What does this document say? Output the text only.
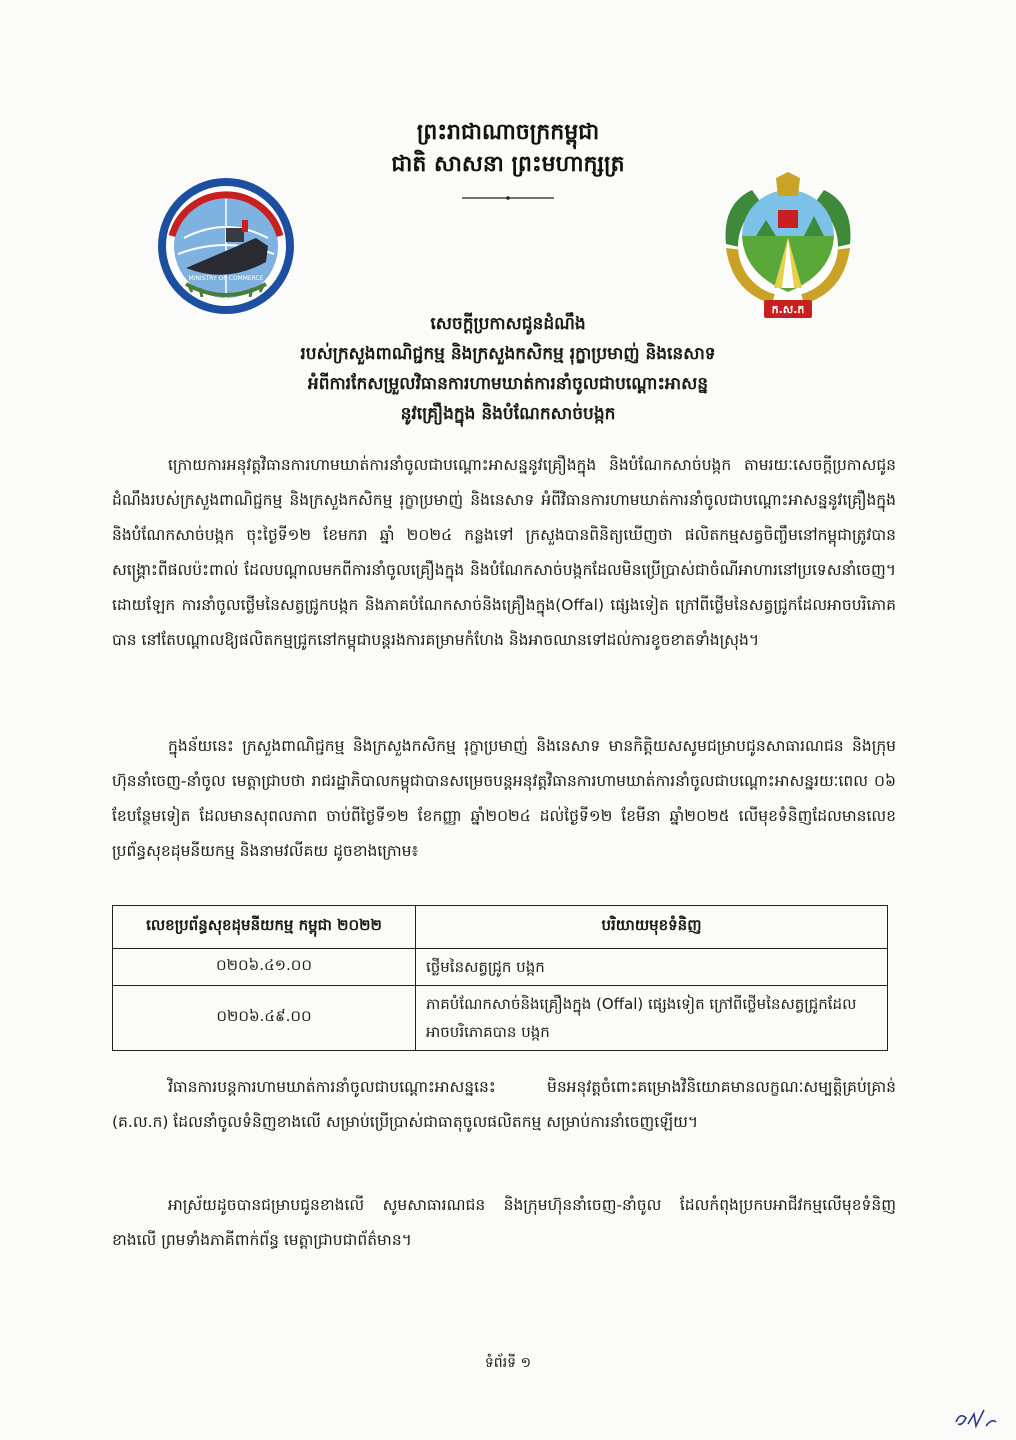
ព្រះរាជាណាចក្រកម្ពុជា
ជាតិ សាសនា ព្រះមហាក្សត្រ
MINISTRY OF COMMERCE
ក.ស.ក
សេចក្តីប្រកាសជូនដំណឹង
របស់ក្រសួងពាណិជ្ជកម្ម និងក្រសួងកសិកម្ម រុក្ខាប្រមាញ់ និងនេសាទ
អំពីការកែសម្រួលវិធានការហាមឃាត់ការនាំចូលជាបណ្តោះអាសន្ន
នូវគ្រឿងក្នុង និងបំណែកសាច់បង្កក
ក្រោយការអនុវត្តវិធានការហាមឃាត់ការនាំចូលជាបណ្តោះអាសន្ននូវគ្រឿងក្នុង និងបំណែកសាច់បង្កក តាមរយៈសេចក្តីប្រកាសជូនដំណឹងរបស់ក្រសួងពាណិជ្ជកម្ម និងក្រសួងកសិកម្ម រុក្ខាប្រមាញ់ និងនេសាទ អំពីវិធានការហាមឃាត់ការនាំចូលជាបណ្តោះអាសន្ននូវគ្រឿងក្នុង និងបំណែកសាច់បង្កក ចុះថ្ងៃទី១២ ខែមករា ឆ្នាំ ២០២៤ កន្លងទៅ ក្រសួងបានពិនិត្យឃើញថា ផលិតកម្មសត្វចិញ្ចឹមនៅកម្ពុជាត្រូវបានសង្គ្រោះពីផលប៉ះពាល់ ដែលបណ្តាលមកពីការនាំចូលគ្រឿងក្នុង និងបំណែកសាច់បង្កកដែលមិនប្រើប្រាស់ជាចំណីអាហារនៅប្រទេសនាំចេញ។ ដោយឡែក ការនាំចូលថ្លើមនៃសត្វជ្រូកបង្កក និងភាគបំណែកសាច់និងគ្រឿងក្នុង(Offal) ផ្សេងទៀត ក្រៅពីថ្លើមនៃសត្វជ្រូកដែលអាចបរិភោគបាន នៅតែបណ្តាលឱ្យផលិតកម្មជ្រូកនៅកម្ពុជាបន្តរងការគម្រាមកំហែង និងអាចឈានទៅដល់ការខូចខាតទាំងស្រុង។
ក្នុងន័យនេះ ក្រសួងពាណិជ្ជកម្ម និងក្រសួងកសិកម្ម រុក្ខាប្រមាញ់ និងនេសាទ មានកិត្តិយសសូមជម្រាបជូនសាធារណជន និងក្រុមហ៊ុននាំចេញ-នាំចូល មេត្តាជ្រាបថា រាជរដ្ឋាភិបាលកម្ពុជាបានសម្រេចបន្តអនុវត្តវិធានការហាមឃាត់ការនាំចូលជាបណ្តោះអាសន្នរយៈពេល ០៦ ខែបន្ថែមទៀត ដែលមានសុពលភាព ចាប់ពីថ្ងៃទី១២ ខែកញ្ញា ឆ្នាំ២០២៤ ដល់ថ្ងៃទី១២ ខែមីនា ឆ្នាំ២០២៥ លើមុខទំនិញដែលមានលេខប្រព័ន្ធសុខដុមនីយកម្ម និងនាមវលីគយ ដូចខាងក្រោម៖
លេខប្រព័ន្ធសុខដុមនីយកម្ម កម្ពុជា ២០២២	បរិយាយមុខទំនិញ
០២០៦.៤១.០០	ថ្លើមនៃសត្វជ្រូក បង្កក
០២០៦.៤៩.០០	ភាគបំណែកសាច់និងគ្រឿងក្នុង (Offal) ផ្សេងទៀត ក្រៅពីថ្លើមនៃសត្វជ្រូកដែលអាចបរិភោគបាន បង្កក
វិធានការបន្តការហាមឃាត់ការនាំចូលជាបណ្តោះអាសន្ននេះ មិនអនុវត្តចំពោះគម្រោងវិនិយោគមានលក្ខណៈសម្បត្តិគ្រប់គ្រាន់ (គ.ល.ក) ដែលនាំចូលទំនិញខាងលើ សម្រាប់ប្រើប្រាស់ជាធាតុចូលផលិតកម្ម សម្រាប់ការនាំចេញឡើយ។
អាស្រ័យដូចបានជម្រាបជូនខាងលើ សូមសាធារណជន និងក្រុមហ៊ុននាំចេញ-នាំចូល ដែលកំពុងប្រកបអាជីវកម្មលើមុខទំនិញខាងលើ ព្រមទាំងភាគីពាក់ព័ន្ធ មេត្តាជ្រាបជាព័ត៌មាន។
ទំព័រទី ១
